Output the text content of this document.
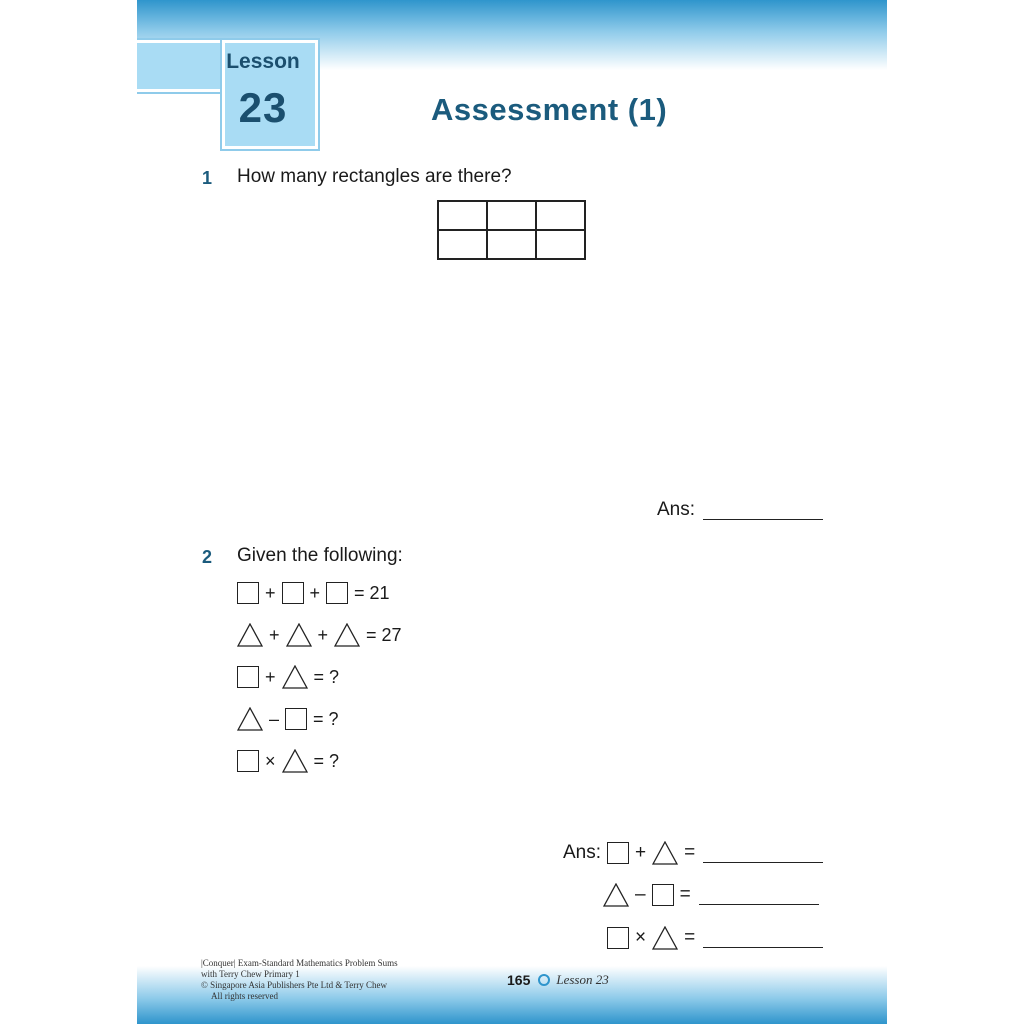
Lesson
23	Assessment (1)
1 How many rectangles are there?
Ans:
2 Given the following:
+ + = 21
+ + = 27
+ = ?
– = ?
× = ?
Ans: + =
– =
× =
|Conquer| Exam-Standard Mathematics Problem Sums
with Terry Chew Primary 1
© Singapore Asia Publishers Pte Ltd & Terry Chew
All rights reserved
165 Lesson 23
